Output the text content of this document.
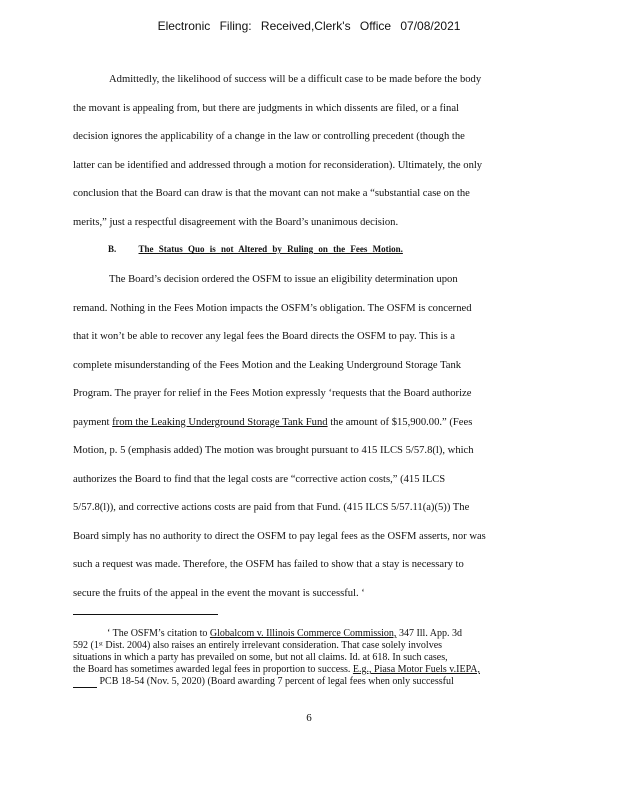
Electronic Filing: Received,Clerk's Office 07/08/2021
Admittedly, the likelihood of success will be a difficult case to be made before the body
the movant is appealing from, but there are judgments in which dissents are filed, or a final
decision ignores the applicability of a change in the law or controlling precedent (though the
latter can be identified and addressed through a motion for reconsideration). Ultimately, the only
conclusion that the Board can draw is that the movant can not make a “substantial case on the
merits,” just a respectful disagreement with the Board’s unanimous decision.
B. The Status Quo is not Altered by Ruling on the Fees Motion.
The Board’s decision ordered the OSFM to issue an eligibility determination upon
remand. Nothing in the Fees Motion impacts the OSFM’s obligation. The OSFM is concerned
that it won’t be able to recover any legal fees the Board directs the OSFM to pay. This is a
complete misunderstanding of the Fees Motion and the Leaking Underground Storage Tank
Program. The prayer for relief in the Fees Motion expressly ‘requests that the Board authorize
payment from the Leaking Underground Storage Tank Fund the amount of $15,900.00.” (Fees
Motion, p. 5 (emphasis added) The motion was brought pursuant to 415 ILCS 5/57.8(l), which
authorizes the Board to find that the legal costs are “corrective action costs,” (415 ILCS
5/57.8(l)), and corrective actions costs are paid from that Fund. (415 ILCS 5/57.11(a)(5)) The
Board simply has no authority to direct the OSFM to pay legal fees as the OSFM asserts, nor was
such a request was made. Therefore, the OSFM has failed to show that a stay is necessary to
secure the fruits of the appeal in the event the movant is successful. ‘
‘ The OSFM’s citation to Globalcom v. Illinois Commerce Commission, 347 Ill. App. 3d
592 (1ˢᵗ Dist. 2004) also raises an entirely irrelevant consideration. That case solely involves
situations in which a party has prevailed on some, but not all claims. Id. at 618. In such cases,
the Board has sometimes awarded legal fees in proportion to success. E.g., Piasa Motor Fuels v.IEPA,
PCB 18-54 (Nov. 5, 2020) (Board awarding 7 percent of legal fees when only successful
6
